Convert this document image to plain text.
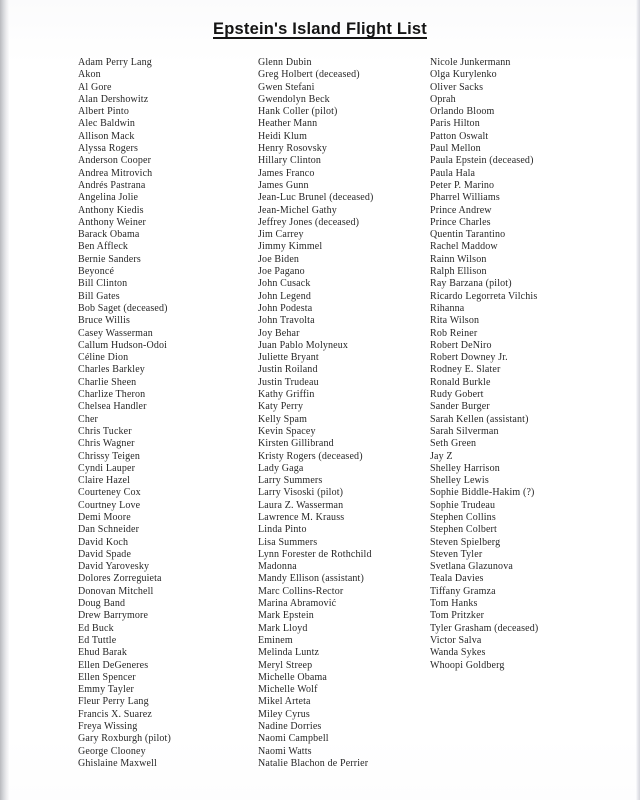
Epstein's Island Flight List
Adam Perry Lang
Akon
Al Gore
Alan Dershowitz
Albert Pinto
Alec Baldwin
Allison Mack
Alyssa Rogers
Anderson Cooper
Andrea Mitrovich
Andrés Pastrana
Angelina Jolie
Anthony Kiedis
Anthony Weiner
Barack Obama
Ben Affleck
Bernie Sanders
Beyoncé
Bill Clinton
Bill Gates
Bob Saget (deceased)
Bruce Willis
Casey Wasserman
Callum Hudson-Odoi
Céline Dion
Charles Barkley
Charlie Sheen
Charlize Theron
Chelsea Handler
Cher
Chris Tucker
Chris Wagner
Chrissy Teigen
Cyndi Lauper
Claire Hazel
Courteney Cox
Courtney Love
Demi Moore
Dan Schneider
David Koch
David Spade
David Yarovesky
Dolores Zorreguieta
Donovan Mitchell
Doug Band
Drew Barrymore
Ed Buck
Ed Tuttle
Ehud Barak
Ellen DeGeneres
Ellen Spencer
Emmy Tayler
Fleur Perry Lang
Francis X. Suarez
Freya Wissing
Gary Roxburgh (pilot)
George Clooney
Ghislaine Maxwell
Glenn Dubin
Greg Holbert (deceased)
Gwen Stefani
Gwendolyn Beck
Hank Coller (pilot)
Heather Mann
Heidi Klum
Henry Rosovsky
Hillary Clinton
James Franco
James Gunn
Jean-Luc Brunel (deceased)
Jean-Michel Gathy
Jeffrey Jones (deceased)
Jim Carrey
Jimmy Kimmel
Joe Biden
Joe Pagano
John Cusack
John Legend
John Podesta
John Travolta
Joy Behar
Juan Pablo Molyneux
Juliette Bryant
Justin Roiland
Justin Trudeau
Kathy Griffin
Katy Perry
Kelly Spam
Kevin Spacey
Kirsten Gillibrand
Kristy Rogers (deceased)
Lady Gaga
Larry Summers
Larry Visoski (pilot)
Laura Z. Wasserman
Lawrence M. Krauss
Linda Pinto
Lisa Summers
Lynn Forester de Rothchild
Madonna
Mandy Ellison (assistant)
Marc Collins-Rector
Marina Abramović
Mark Epstein
Mark Lloyd
Eminem
Melinda Luntz
Meryl Streep
Michelle Obama
Michelle Wolf
Mikel Arteta
Miley Cyrus
Nadine Dorries
Naomi Campbell
Naomi Watts
Natalie Blachon de Perrier
Nicole Junkermann
Olga Kurylenko
Oliver Sacks
Oprah
Orlando Bloom
Paris Hilton
Patton Oswalt
Paul Mellon
Paula Epstein (deceased)
Paula Hala
Peter P. Marino
Pharrel Williams
Prince Andrew
Prince Charles
Quentin Tarantino
Rachel Maddow
Rainn Wilson
Ralph Ellison
Ray Barzana (pilot)
Ricardo Legorreta Vilchis
Rihanna
Rita Wilson
Rob Reiner
Robert DeNiro
Robert Downey Jr.
Rodney E. Slater
Ronald Burkle
Rudy Gobert
Sander Burger
Sarah Kellen (assistant)
Sarah Silverman
Seth Green
Jay Z
Shelley Harrison
Shelley Lewis
Sophie Biddle-Hakim (?)
Sophie Trudeau
Stephen Collins
Stephen Colbert
Steven Spielberg
Steven Tyler
Svetlana Glazunova
Teala Davies
Tiffany Gramza
Tom Hanks
Tom Pritzker
Tyler Grasham (deceased)
Victor Salva
Wanda Sykes
Whoopi Goldberg
